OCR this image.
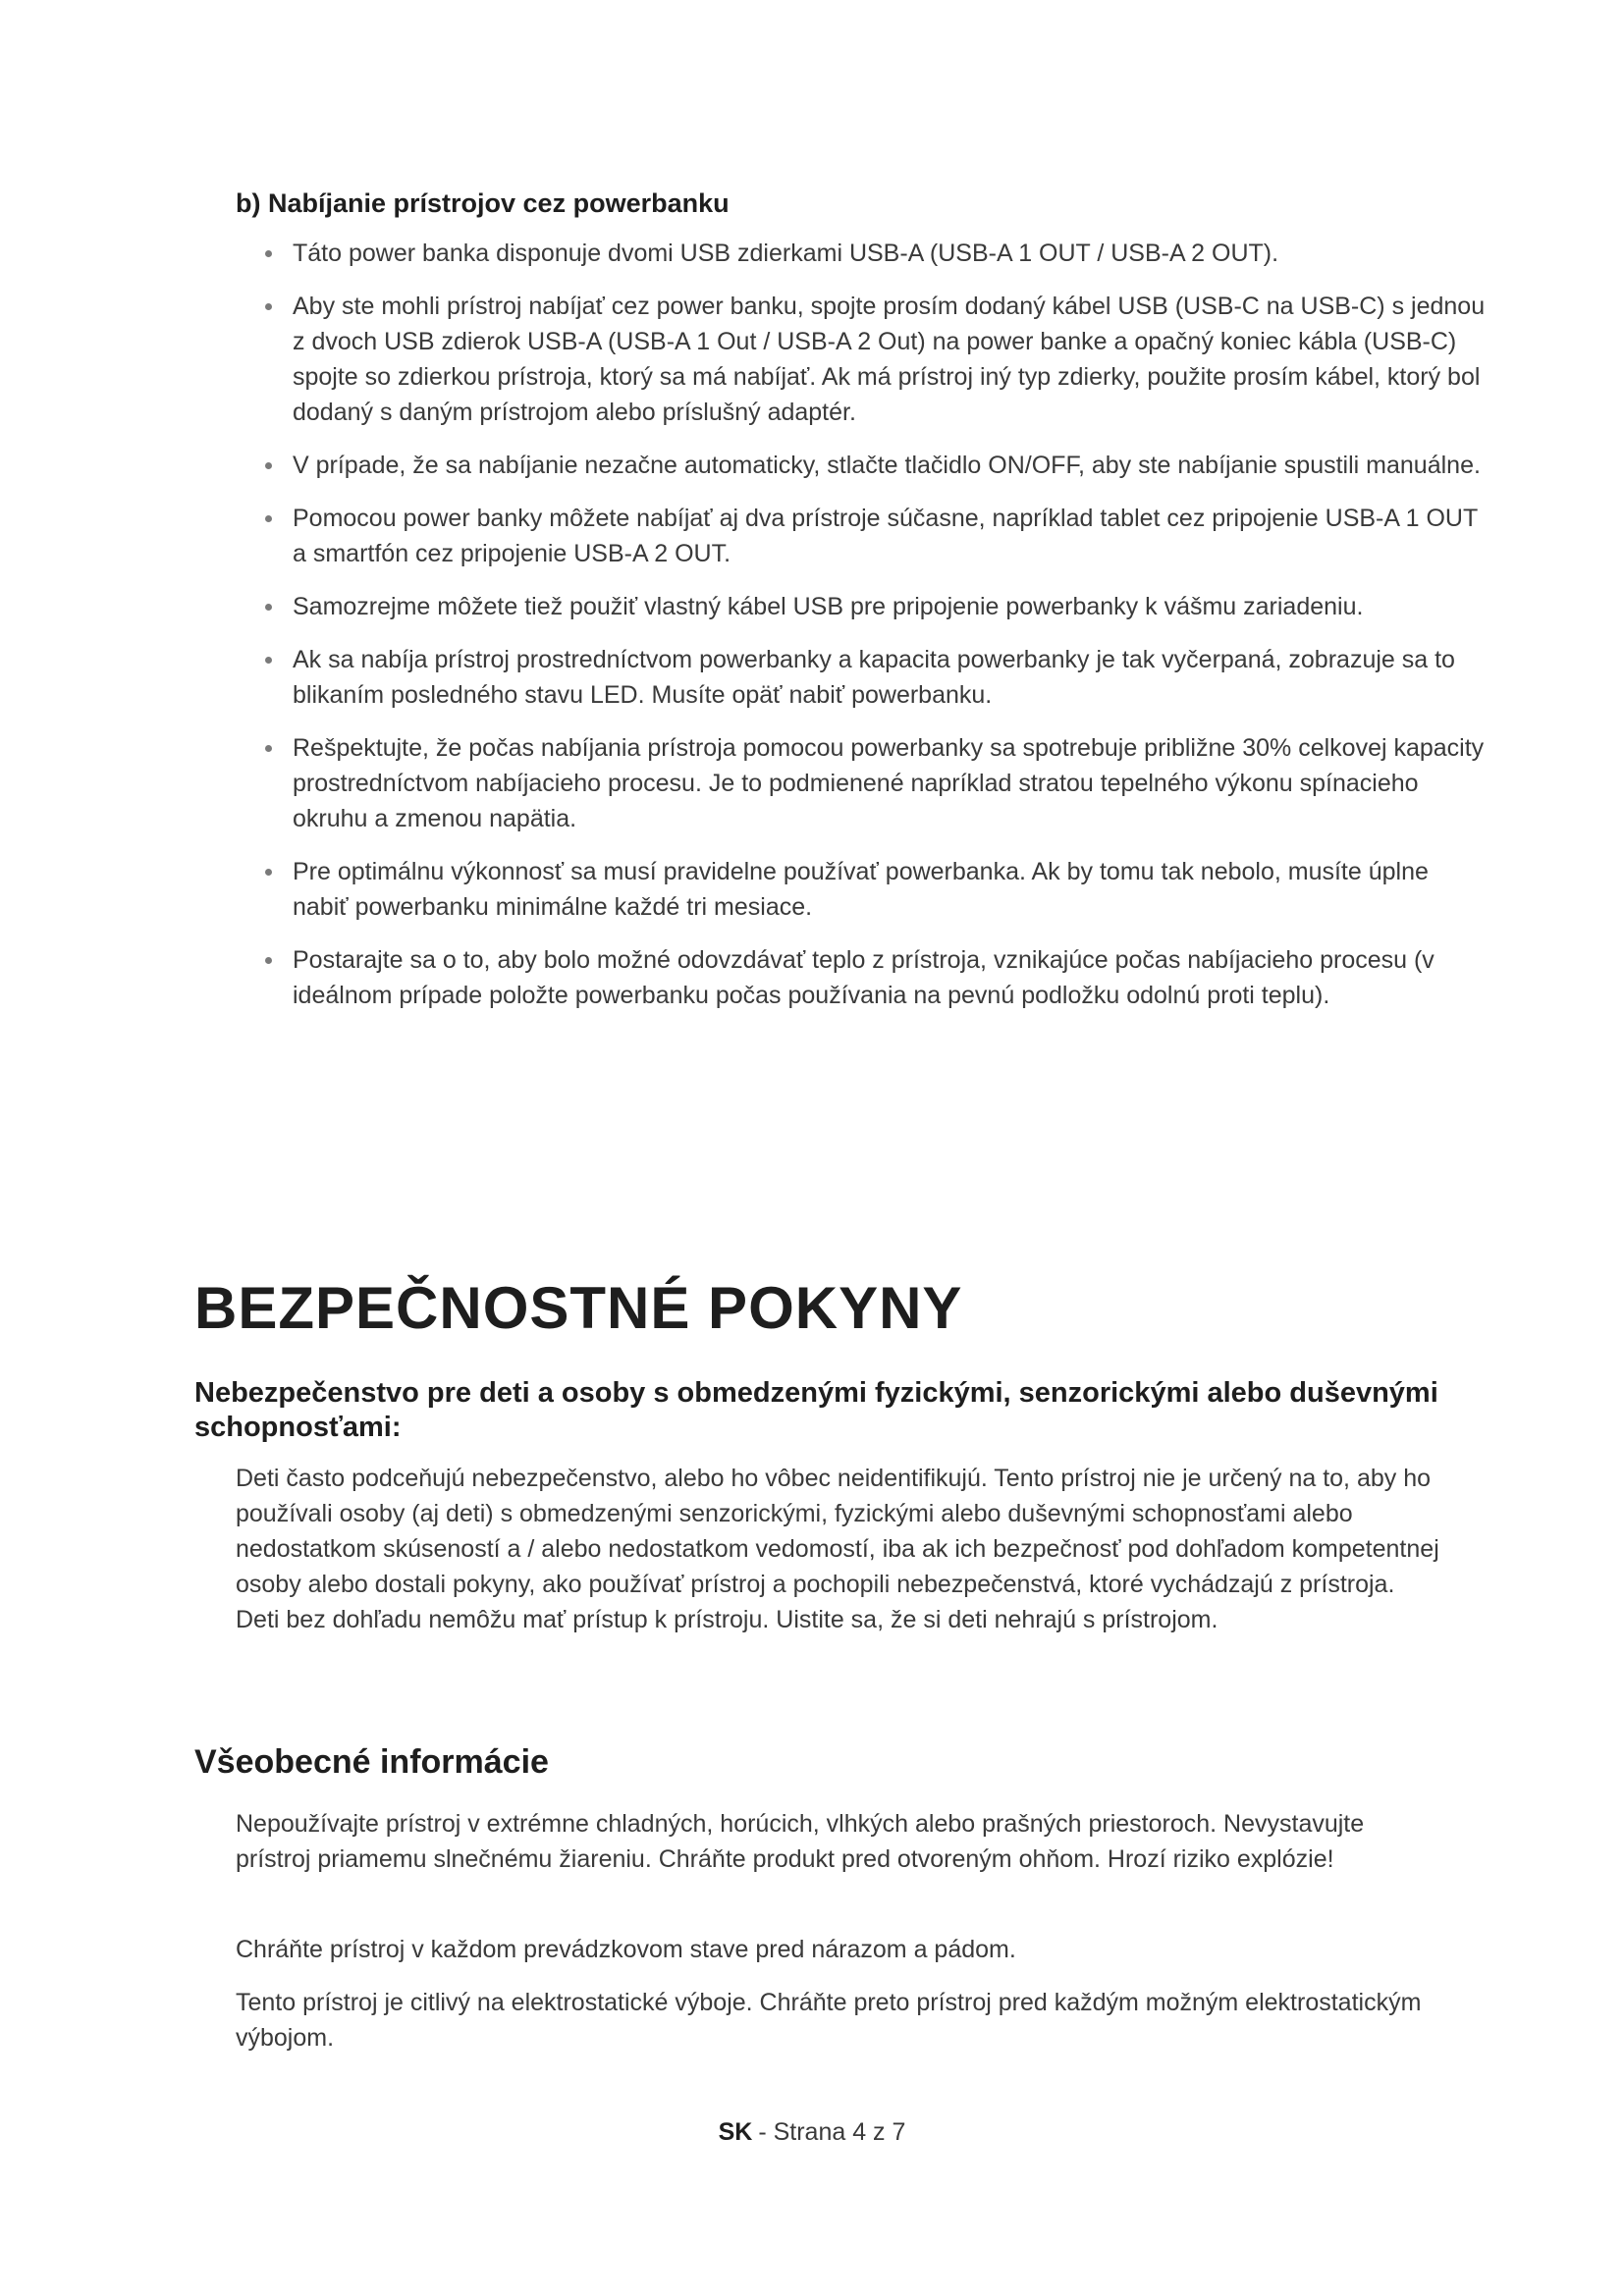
b) Nabíjanie prístrojov cez powerbanku
Táto power banka disponuje dvomi USB zdierkami USB-A (USB-A 1 OUT / USB-A 2 OUT).
Aby ste mohli prístroj nabíjať cez power banku, spojte prosím dodaný kábel USB (USB-C na USB-C) s jednou z dvoch USB zdierok USB-A (USB-A 1 Out / USB-A 2 Out) na power banke a opačný koniec kábla (USB-C) spojte so zdierkou prístroja, ktorý sa má nabíjať. Ak má prístroj iný typ zdierky, použite prosím kábel, ktorý bol dodaný s daným prístrojom alebo príslušný adaptér.
V prípade, že sa nabíjanie nezačne automaticky, stlačte tlačidlo ON/OFF, aby ste nabíjanie spustili manuálne.
Pomocou power banky môžete nabíjať aj dva prístroje súčasne, napríklad tablet cez pripojenie USB-A 1 OUT a smartfón cez pripojenie USB-A 2 OUT.
Samozrejme môžete tiež použiť vlastný kábel USB pre pripojenie powerbanky k vášmu zariadeniu.
Ak sa nabíja prístroj prostredníctvom powerbanky a kapacita powerbanky je tak vyčerpaná, zobrazuje sa to blikaním posledného stavu LED. Musíte opäť nabiť powerbanku.
Rešpektujte, že počas nabíjania prístroja pomocou powerbanky sa spotrebuje približne 30% celkovej kapacity prostredníctvom nabíjacieho procesu. Je to podmienené napríklad stratou tepelného výkonu spínacieho okruhu a zmenou napätia.
Pre optimálnu výkonnosť sa musí pravidelne používať powerbanka. Ak by tomu tak nebolo, musíte úplne nabiť powerbanku minimálne každé tri mesiace.
Postarajte sa o to, aby bolo možné odovzdávať teplo z prístroja, vznikajúce počas nabíjacieho procesu (v ideálnom prípade položte powerbanku počas používania na pevnú podložku odolnú proti teplu).
BEZPEČNOSTNÉ POKYNY
Nebezpečenstvo pre deti a osoby s obmedzenými fyzickými, senzorickými alebo duševnými schopnosťami:

Deti často podceňujú nebezpečenstvo, alebo ho vôbec neidentifikujú. Tento prístroj nie je určený na to, aby ho používali osoby (aj deti) s obmedzenými senzorickými, fyzickými alebo duševnými schopnosťami alebo nedostatkom skúseností a / alebo nedostatkom vedomostí, iba ak ich bezpečnosť pod dohľadom kompetentnej osoby alebo dostali pokyny, ako používať prístroj a pochopili nebezpečenstvá, ktoré vychádzajú z prístroja. Deti bez dohľadu nemôžu mať prístup k prístroju. Uistite sa, že si deti nehrajú s prístrojom.

Všeobecné informácie

Nepoužívajte prístroj v extrémne chladných, horúcich, vlhkých alebo prašných priestoroch. Nevystavujte prístroj priamemu slnečnému žiareniu. Chráňte produkt pred otvoreným ohňom. Hrozí riziko explózie!

Chráňte prístroj v každom prevádzkovom stave pred nárazom a pádom.

Tento prístroj je citlivý na elektrostatické výboje. Chráňte preto prístroj pred každým možným elektrostatickým výbojom.

SK - Strana 4 z 7
